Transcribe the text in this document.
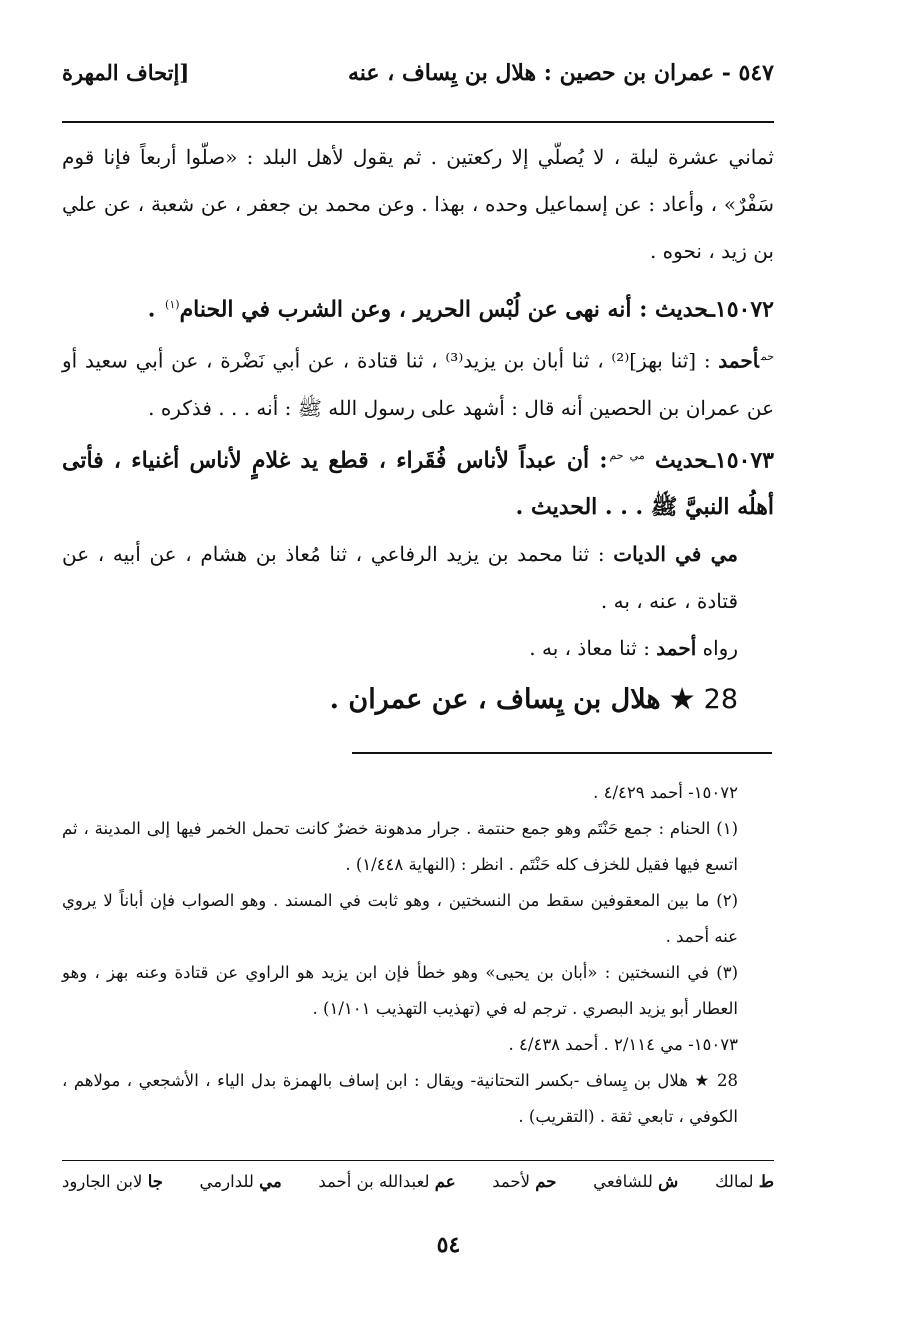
٥٤٧ - عمران بن حصين : هلال بن يِساف ، عنه
[إتحاف المهرة

ثماني عشرة ليلة ، لا يُصلّي إلا ركعتين . ثم يقول لأهل البلد : «صلّوا أربعاً فإنا قوم سَفْرٌ» ، وأعاد : عن إسماعيل وحده ، بهذا . وعن محمد بن جعفر ، عن شعبة ، عن علي بن زيد ، نحوه .

١٥٠٧٢ـحديث : أنه نهى عن لُبْس الحرير ، وعن الشرب في الحنام$^{(١)}$ .

$^{حم}$أحمد : [ثنا بهز]⁽²⁾ ، ثنا أبان بن يزيد⁽³⁾ ، ثنا قتادة ، عن أبي نَضْرة ، عن أبي سعيد أو عن عمران بن الحصين أنه قال : أشهد على رسول الله ﷺ : أنه . . . فذكره .

١٥٠٧٣ـحديث $^{مي حم}$: أن عبداً لأناس فُقَراء ، قطع يد غلامٍ لأناس أغنياء ، فأتى أهلُه النبيَّ ﷺ . . . الحديث .

مي في الديات : ثنا محمد بن يزيد الرفاعي ، ثنا مُعاذ بن هشام ، عن أبيه ، عن قتادة ، عنه ، به .

رواه أحمد : ثنا معاذ ، به .

28 ★ هلال بن يِساف ، عن عمران .

١٥٠٧٢- أحمد ٤/٤٢٩ .

(١) الحنام : جمع حَنْتَم وهو جمع حنتمة . جرار مدهونة خضرٌ كانت تحمل الخمر فيها إلى المدينة ، ثم اتسع فيها فقيل للخزف كله حَنْتَم . انظر : (النهاية ١/٤٤٨) .

(٢) ما بين المعقوفين سقط من النسختين ، وهو ثابت في المسند . وهو الصواب فإن أباناً لا يروي عنه أحمد .

(٣) في النسختين : «أبان بن يحيى» وهو خطأ فإن ابن يزيد هو الراوي عن قتادة وعنه بهز ، وهو العطار أبو يزيد البصري . ترجم له في (تهذيب التهذيب ١/١٠١) .

١٥٠٧٣- مي ٢/١١٤ . أحمد ٤/٤٣٨ .

28 ★ هلال بن يِساف -بكسر التحتانية- ويقال : ابن إساف بالهمزة بدل الياء ، الأشجعي ، مولاهم ، الكوفي ، تابعي ثقة . (التقريب) .

ط لمالك
ش للشافعي
حم لأحمد
عم لعبدالله بن أحمد
مي للدارمي
جا لابن الجارود
٥٤
